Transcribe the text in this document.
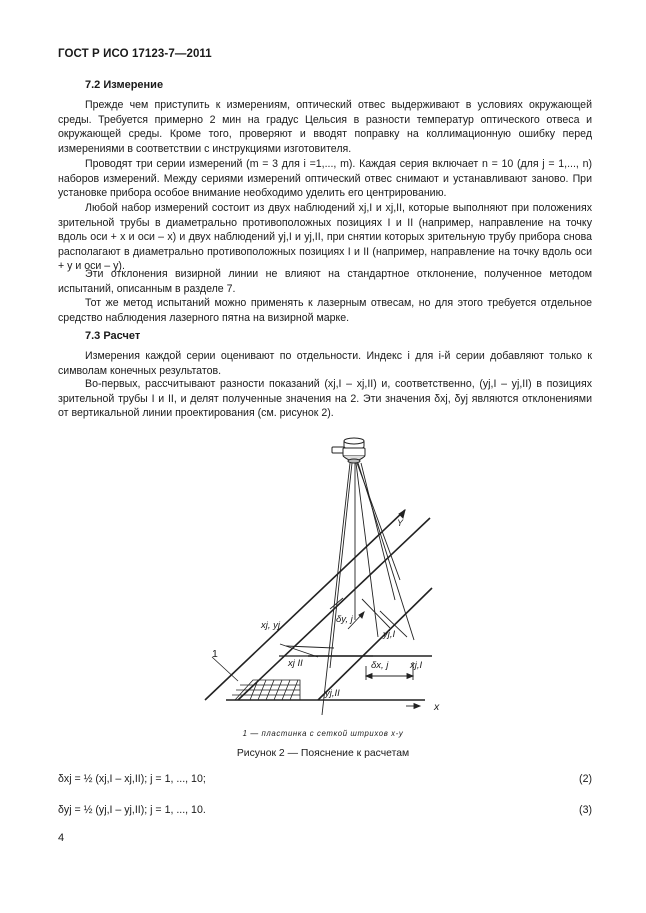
ГОСТ Р ИСО 17123-7—2011
7.2 Измерение
Прежде чем приступить к измерениям, оптический отвес выдерживают в условиях окружающей среды. Требуется примерно 2 мин на градус Цельсия в разности температур оптического отвеса и окружающей среды. Кроме того, проверяют и вводят поправку на коллимационную ошибку перед измерениями в соответствии с инструкциями изготовителя.
Проводят три серии измерений (m = 3 для i =1,..., m). Каждая серия включает n = 10 (для j = 1,..., n) наборов измерений. Между сериями измерений оптический отвес снимают и устанавливают заново. При установке прибора особое внимание необходимо уделить его центрированию.
Любой набор измерений состоит из двух наблюдений xj,I и xj,II, которые выполняют при положениях зрительной трубы в диаметрально противоположных позициях I и II (например, направление на точку вдоль оси + x и оси – x) и двух наблюдений yj,I и yj,II, при снятии которых зрительную трубу прибора снова располагают в диаметрально противоположных позициях I и II (например, направление на точку вдоль оси + y и оси – y).
Эти отклонения визирной линии не влияют на стандартное отклонение, полученное методом испытаний, описанным в разделе 7.
Тот же метод испытаний можно применять к лазерным отвесам, но для этого требуется отдельное средство наблюдения лазерного пятна на визирной марке.
7.3 Расчет
Измерения каждой серии оценивают по отдельности. Индекс i для i-й серии добавляют только к символам конечных результатов.
Во-первых, рассчитывают разности показаний (xj,I – xj,II) и, соответственно, (yj,I – yj,II) в позициях зрительной трубы I и II, и делят полученные значения на 2. Эти значения δxj, δyj являются отклонениями от вертикальной линии проектирования (см. рисунок 2).
x
Y
1
xj, yj
xj II	xj,I
yj,I
yj,II
δy, j
δx, j
1 — пластинка с сеткой штрихов x-y
Рисунок 2 — Пояснение к расчетам
δxj = ½ (xj,I – xj,II); j = 1, ..., 10;	(2)
δyj = ½ (yj,I – yj,II); j = 1, ..., 10.	(3)
4
